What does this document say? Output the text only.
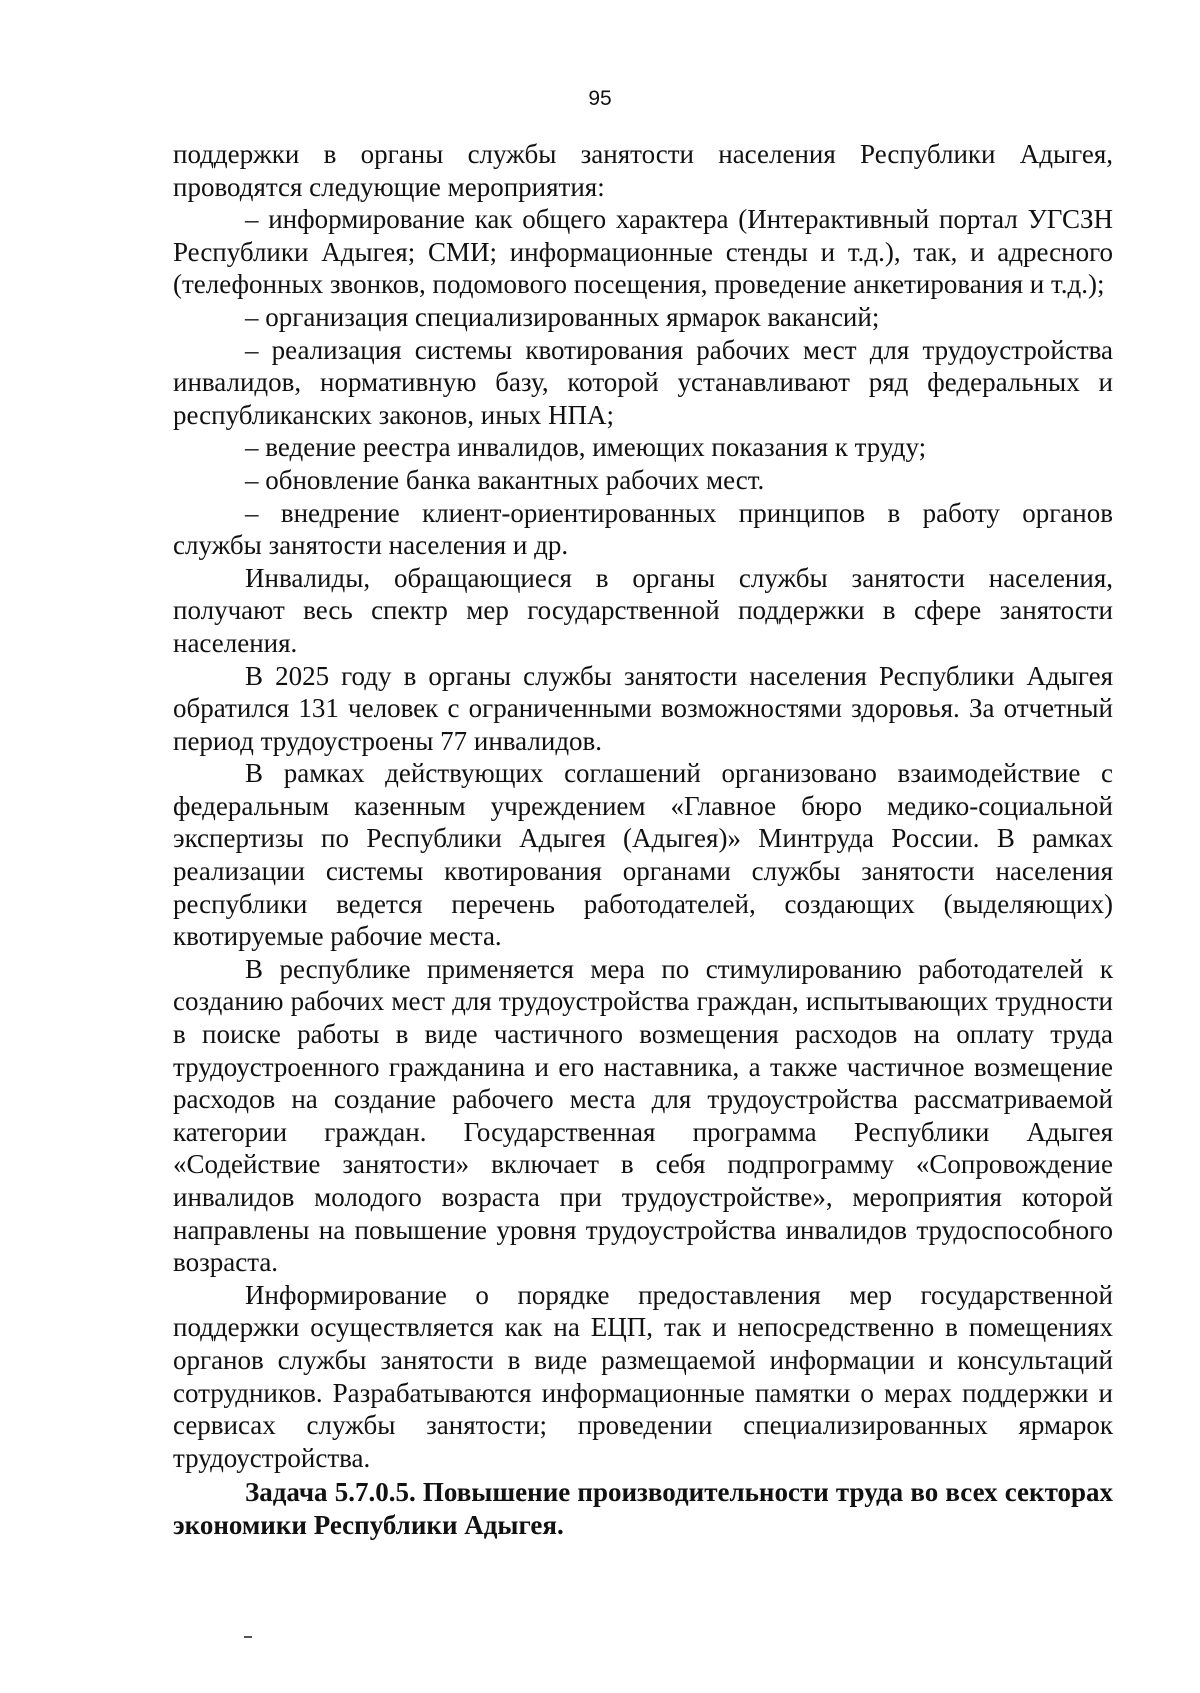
95

поддержки в органы службы занятости населения Республики Адыгея, проводятся следующие мероприятия:

– информирование как общего характера (Интерактивный портал УГСЗН Республики Адыгея; СМИ; информационные стенды и т.д.), так, и адресного (телефонных звонков, подомового посещения, проведение анкетирования и т.д.);

– организация специализированных ярмарок вакансий;

– реализация системы квотирования рабочих мест для трудоустройства инвалидов, нормативную базу, которой устанавливают ряд федеральных и республиканских законов, иных НПА;

– ведение реестра инвалидов, имеющих показания к труду;

– обновление банка вакантных рабочих мест.

– внедрение клиент-ориентированных принципов в работу органов службы занятости населения и др.

Инвалиды, обращающиеся в органы службы занятости населения, получают весь спектр мер государственной поддержки в сфере занятости населения.

В 2025 году в органы службы занятости населения Республики Адыгея обратился 131 человек с ограниченными возможностями здоровья. За отчетный период трудоустроены 77 инвалидов.

В рамках действующих соглашений организовано взаимодействие с федеральным казенным учреждением «Главное бюро медико-социальной экспертизы по Республики Адыгея (Адыгея)» Минтруда России. В рамках реализации системы квотирования органами службы занятости населения республики ведется перечень работодателей, создающих (выделяющих) квотируемые рабочие места.

В республике применяется мера по стимулированию работодателей к созданию рабочих мест для трудоустройства граждан, испытывающих трудности в поиске работы в виде частичного возмещения расходов на оплату труда трудоустроенного гражданина и его наставника, а также частичное возмещение расходов на создание рабочего места для трудоустройства рассматриваемой категории граждан. Государственная программа Республики Адыгея «Содействие занятости» включает в себя подпрограмму «Сопровождение инвалидов молодого возраста при трудоустройстве», мероприятия которой направлены на повышение уровня трудоустройства инвалидов трудоспособного возраста.

Информирование о порядке предоставления мер государственной поддержки осуществляется как на ЕЦП, так и непосредственно в помещениях органов службы занятости в виде размещаемой информации и консультаций сотрудников. Разрабатываются информационные памятки о мерах поддержки и сервисах службы занятости; проведении специализированных ярмарок трудоустройства.

Задача 5.7.0.5. Повышение производительности труда во всех секторах экономики Республики Адыгея.
